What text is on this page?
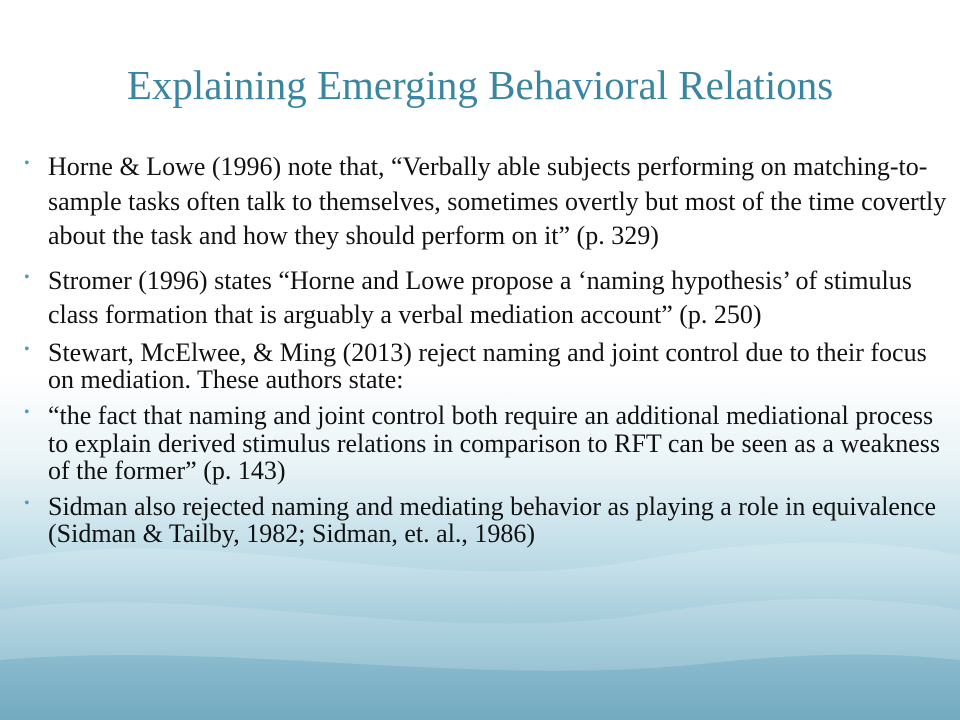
Explaining Emerging Behavioral Relations
• Horne & Lowe (1996) note that, “Verbally able subjects performing on matching-to-sample tasks often talk to themselves, sometimes overtly but most of the time covertly about the task and how they should perform on it” (p. 329)
• Stromer (1996) states “Horne and Lowe propose a ‘naming hypothesis’ of stimulus class formation that is arguably a verbal mediation account” (p. 250)
• Stewart, McElwee, & Ming (2013) reject naming and joint control due to their focus on mediation. These authors state:
• “the fact that naming and joint control both require an additional mediational process to explain derived stimulus relations in comparison to RFT can be seen as a weakness of the former” (p. 143)
• Sidman also rejected naming and mediating behavior as playing a role in equivalence (Sidman & Tailby, 1982; Sidman, et. al., 1986)
